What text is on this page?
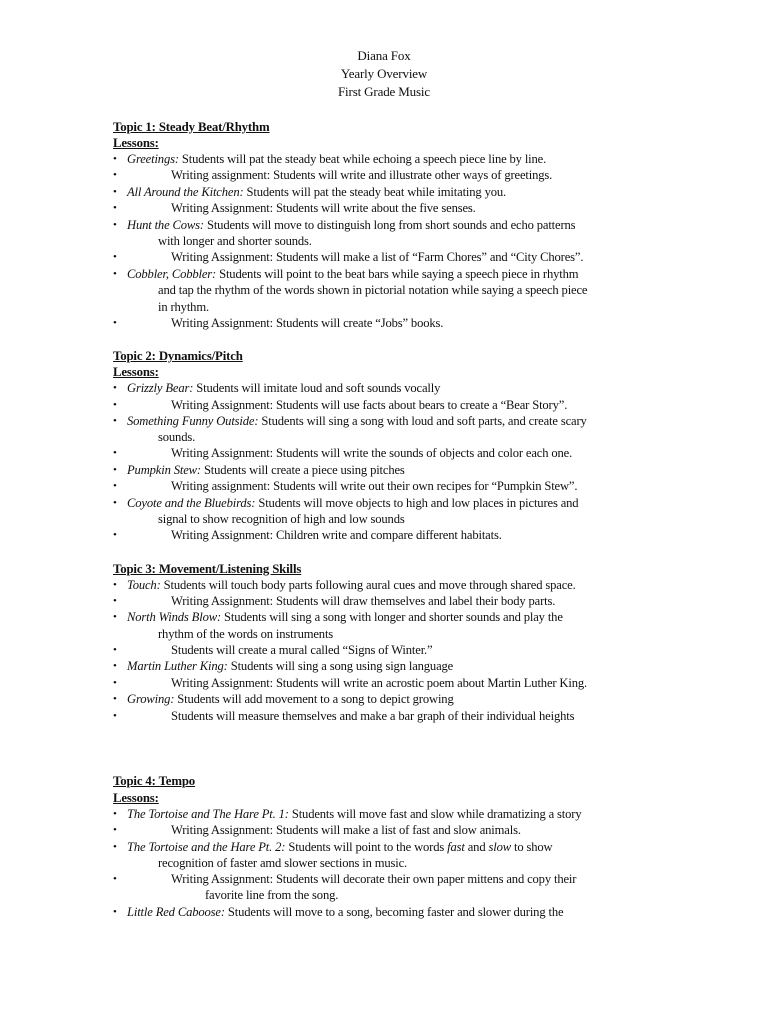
Diana Fox
Yearly Overview
First Grade Music
Topic 1: Steady Beat/Rhythm
Lessons:
• Greetings: Students will pat the steady beat while echoing a speech piece line by line.
•	Writing assignment: Students will write and illustrate other ways of greetings.
• All Around the Kitchen: Students will pat the steady beat while imitating you.
•	Writing Assignment: Students will write about the five senses.
• Hunt the Cows: Students will move to distinguish long from short sounds and echo patterns
with longer and shorter sounds.
•	Writing Assignment: Students will make a list of “Farm Chores” and “City Chores”.
• Cobbler, Cobbler: Students will point to the beat bars while saying a speech piece in rhythm
and tap the rhythm of the words shown in pictorial notation while saying a speech piece
in rhythm.
•	Writing Assignment: Students will create “Jobs” books.
Topic 2: Dynamics/Pitch
Lessons:
• Grizzly Bear: Students will imitate loud and soft sounds vocally
•	Writing Assignment: Students will use facts about bears to create a “Bear Story”.
• Something Funny Outside: Students will sing a song with loud and soft parts, and create scary
sounds.
•	Writing Assignment: Students will write the sounds of objects and color each one.
• Pumpkin Stew: Students will create a piece using pitches
•	Writing assignment: Students will write out their own recipes for “Pumpkin Stew”.
• Coyote and the Bluebirds: Students will move objects to high and low places in pictures and
signal to show recognition of high and low sounds
•	Writing Assignment: Children write and compare different habitats.
Topic 3: Movement/Listening Skills
• Touch: Students will touch body parts following aural cues and move through shared space.
•	Writing Assignment: Students will draw themselves and label their body parts.
• North Winds Blow: Students will sing a song with longer and shorter sounds and play the
rhythm of the words on instruments
•	Students will create a mural called “Signs of Winter.”
• Martin Luther King: Students will sing a song using sign language
•	Writing Assignment: Students will write an acrostic poem about Martin Luther King.
• Growing: Students will add movement to a song to depict growing
•	Students will measure themselves and make a bar graph of their individual heights
Topic 4: Tempo
Lessons:
• The Tortoise and The Hare Pt. 1: Students will move fast and slow while dramatizing a story
•	Writing Assignment: Students will make a list of fast and slow animals.
• The Tortoise and the Hare Pt. 2: Students will point to the words fast and slow to show
recognition of faster amd slower sections in music.
•	Writing Assignment: Students will decorate their own paper mittens and copy their
favorite line from the song.
• Little Red Caboose: Students will move to a song, becoming faster and slower during the
